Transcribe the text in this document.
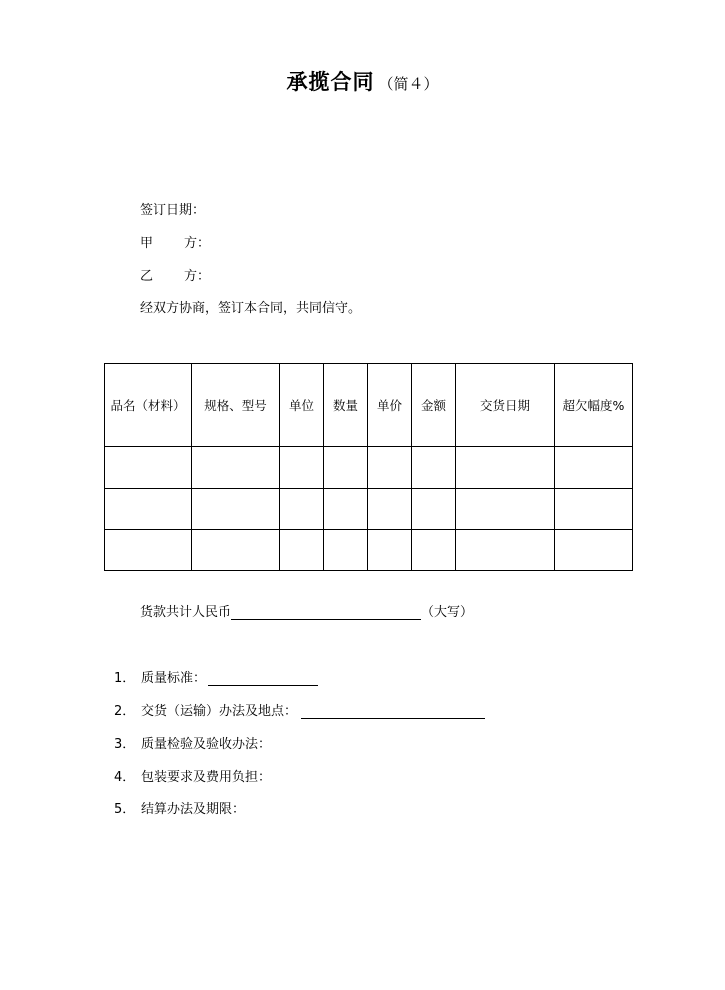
承揽合同 （简４）
签订日期：
甲 方：
乙 方：
经双方协商，签订本合同，共同信守。
品名（材料）	规格、型号	单位	数量	单价	金额	交货日期	超欠幅度%

货款共计人民币	（大写）
1． 质量标准：
2． 交货（运输）办法及地点：
3． 质量检验及验收办法：
4． 包装要求及费用负担：
5． 结算办法及期限：
